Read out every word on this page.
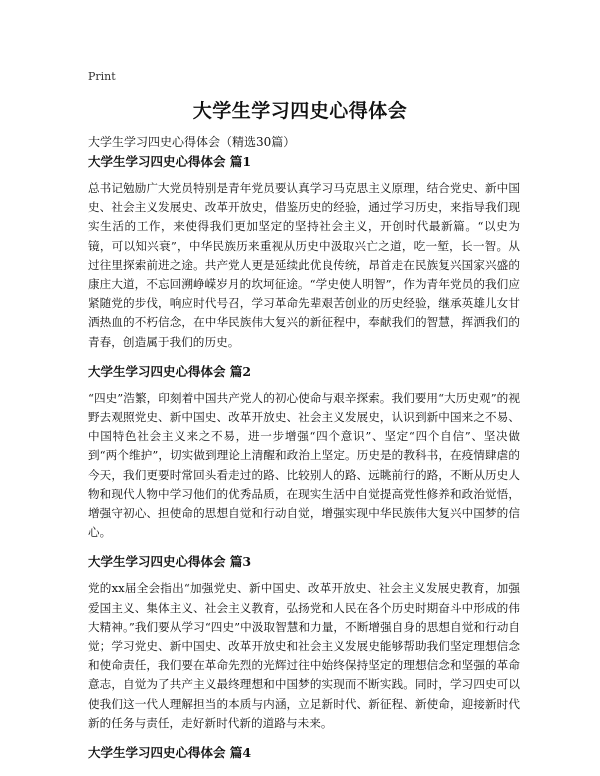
Print
大学生学习四史心得体会

大学生学习四史心得体会（精选30篇）

大学生学习四史心得体会 篇1

总书记勉励广大党员特别是青年党员要认真学习马克思主义原理，结合党史、新中国史、社会主义发展史、改革开放史，借鉴历史的经验，通过学习历史，来指导我们现实生活的工作，来使得我们更加坚定的坚持社会主义，开创时代最新篇。“以史为镜，可以知兴衰”，中华民族历来重视从历史中汲取兴亡之道，吃一堑，长一智。从过往里探索前进之途。共产党人更是延续此优良传统，昂首走在民族复兴国家兴盛的康庄大道，不忘回溯峥嵘岁月的坎坷征途。“学史使人明智”，作为青年党员的我们应紧随党的步伐，响应时代号召，学习革命先辈艰苦创业的历史经验，继承英雄儿女甘洒热血的不朽信念，在中华民族伟大复兴的新征程中，奉献我们的智慧，挥洒我们的青春，创造属于我们的历史。

大学生学习四史心得体会 篇2

“四史”浩繁，印刻着中国共产党人的初心使命与艰辛探索。我们要用“大历史观”的视野去观照党史、新中国史、改革开放史、社会主义发展史，认识到新中国来之不易、中国特色社会主义来之不易，进一步增强“四个意识”、坚定“四个自信”、坚决做到“两个维护”，切实做到理论上清醒和政治上坚定。历史是的教科书，在疫情肆虐的今天，我们更要时常回头看走过的路、比较别人的路、远眺前行的路，不断从历史人物和现代人物中学习他们的优秀品质，在现实生活中自觉提高党性修养和政治觉悟，增强守初心、担使命的思想自觉和行动自觉，增强实现中华民族伟大复兴中国梦的信心。

大学生学习四史心得体会 篇3

党的xx届全会指出“加强党史、新中国史、改革开放史、社会主义发展史教育，加强爱国主义、集体主义、社会主义教育，弘扬党和人民在各个历史时期奋斗中形成的伟大精神。”我们要从学习“四史”中汲取智慧和力量，不断增强自身的思想自觉和行动自觉；学习党史、新中国史、改革开放史和社会主义发展史能够帮助我们坚定理想信念和使命责任，我们要在革命先烈的光辉过往中始终保持坚定的理想信念和坚强的革命意志，自觉为了共产主义最终理想和中国梦的实现而不断实践。同时，学习四史可以使我们这一代人理解担当的本质与内涵，立足新时代、新征程、新使命，迎接新时代新的任务与责任，走好新时代新的道路与未来。

大学生学习四史心得体会 篇4
